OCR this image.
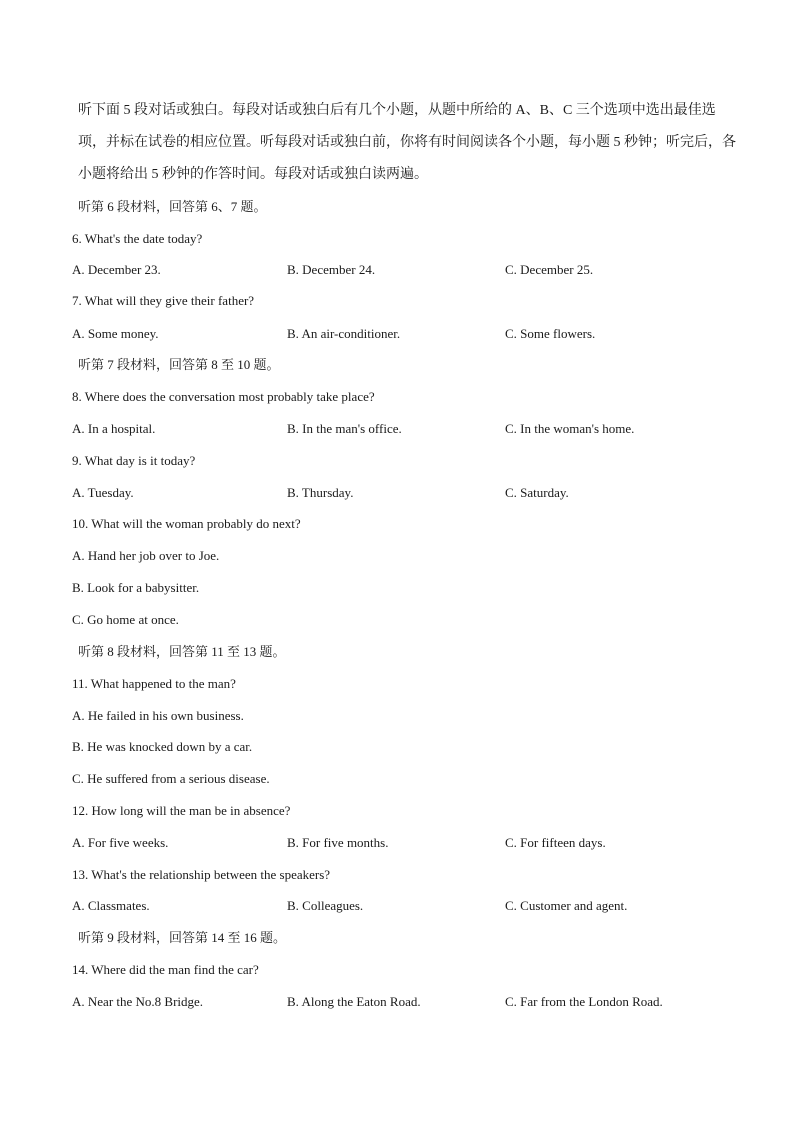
听下面 5 段对话或独白。每段对话或独白后有几个小题，从题中所给的 A、B、C 三个选项中选出最佳选项，并标在试卷的相应位置。听每段对话或独白前，你将有时间阅读各个小题，每小题 5 秒钟；听完后，各小题将给出 5 秒钟的作答时间。每段对话或独白读两遍。
听第 6 段材料，回答第 6、7 题。
6. What's the date today?
A. December 23.	B. December 24.	C. December 25.
7. What will they give their father?
A. Some money.	B. An air-conditioner.	C. Some flowers.
听第 7 段材料，回答第 8 至 10 题。
8. Where does the conversation most probably take place?
A. In a hospital.	B. In the man's office.	C. In the woman's home.
9. What day is it today?
A. Tuesday.	B. Thursday.	C. Saturday.
10. What will the woman probably do next?
A. Hand her job over to Joe.
B. Look for a babysitter.
C. Go home at once.
听第 8 段材料，回答第 11 至 13 题。
11. What happened to the man?
A. He failed in his own business.
B. He was knocked down by a car.
C. He suffered from a serious disease.
12. How long will the man be in absence?
A. For five weeks.	B. For five months.	C. For fifteen days.
13. What's the relationship between the speakers?
A. Classmates.	B. Colleagues.	C. Customer and agent.
听第 9 段材料，回答第 14 至 16 题。
14. Where did the man find the car?
A. Near the No.8 Bridge.	B. Along the Eaton Road.	C. Far from the London Road.
